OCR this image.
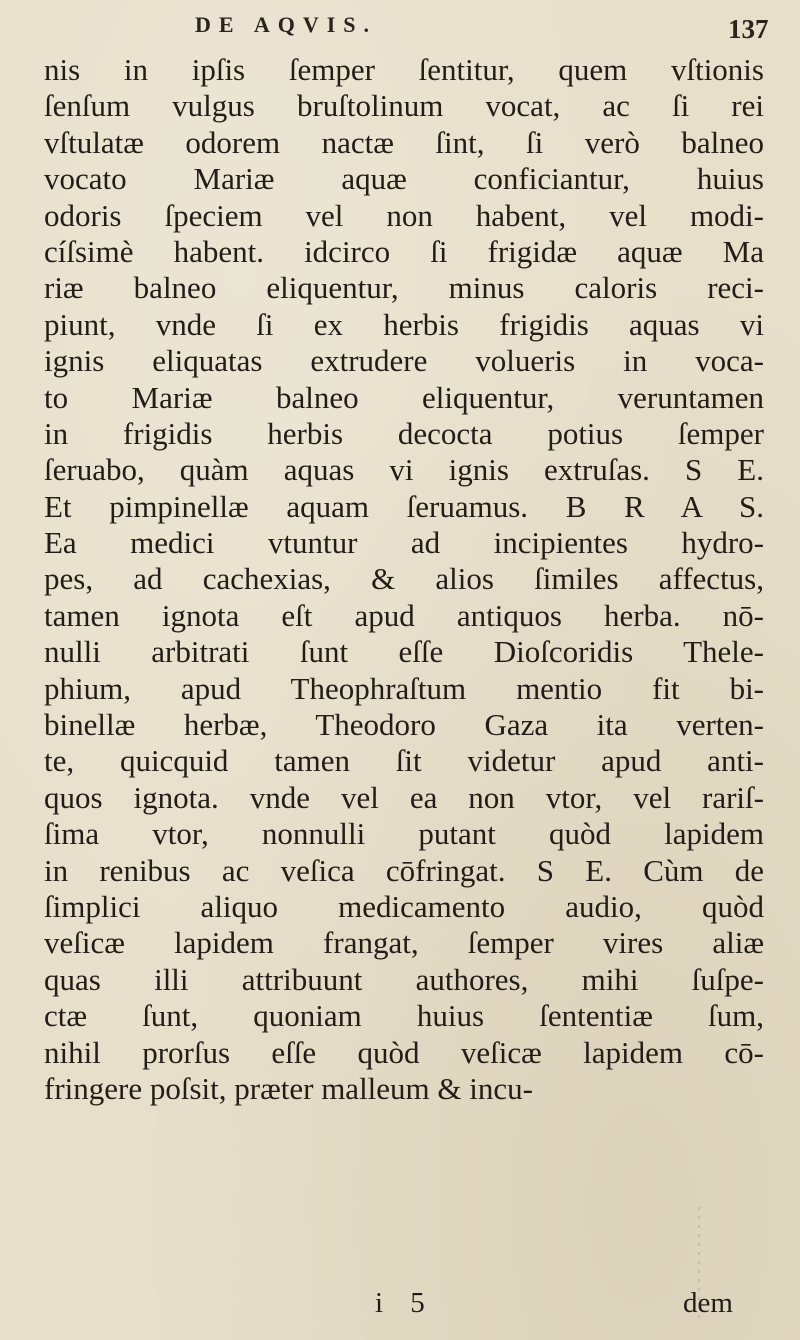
DE AQVIS.	137
nis in ipſis ſemper ſentitur, quem vſtionis
ſenſum vulgus bruſtolinum vocat, ac ſi rei
vſtulatæ odorem nactæ ſint, ſi verò balneo
vocato Mariæ aquæ conficiantur, huius
odoris ſpeciem vel non habent, vel modi-
cíſsimè habent. idcirco ſi frigidæ aquæ Ma
riæ balneo eliquentur, minus caloris reci-
piunt, vnde ſi ex herbis frigidis aquas vi
ignis eliquatas extrudere volueris in voca-
to Mariæ balneo eliquentur, veruntamen
in frigidis herbis decocta potius ſemper
ſeruabo, quàm aquas vi ignis extruſas. S E.
Et pimpinellæ aquam ſeruamus. B R A S.
Ea medici vtuntur ad incipientes hydro-
pes, ad cachexias, & alios ſimiles affectus,
tamen ignota eſt apud antiquos herba. nō-
nulli arbitrati ſunt eſſe Dioſcoridis Thele-
phium, apud Theophraſtum mentio fit bi-
binellæ herbæ, Theodoro Gaza ita verten-
te, quicquid tamen ſit videtur apud anti-
quos ignota. vnde vel ea non vtor, vel rariſ-
ſima vtor, nonnulli putant quòd lapidem
in renibus ac veſica cōfringat. S E. Cùm de
ſimplici aliquo medicamento audio, quòd
veſicæ lapidem frangat, ſemper vires aliæ
quas illi attribuunt authores, mihi ſuſpe-
ctæ ſunt, quoniam huius ſententiæ ſum,
nihil prorſus eſſe quòd veſicæ lapidem cō-
fringere poſsit, præter malleum & incu-
i 5	dem
